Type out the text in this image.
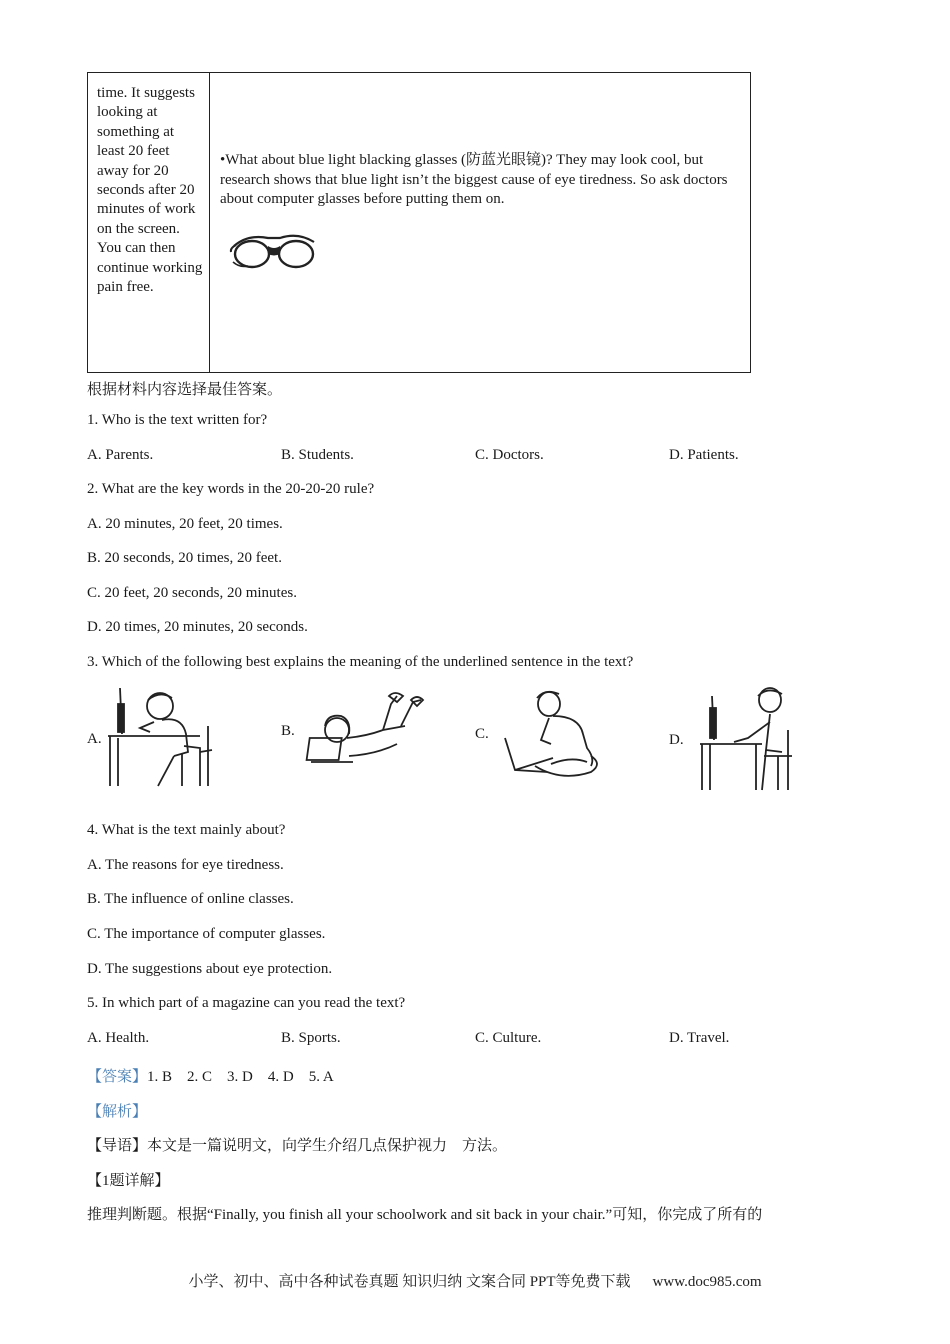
time. It suggests looking at something at least 20 feet away for 20 seconds after 20 minutes of work on the screen. You can then continue working pain free.
•What about blue light blacking glasses (防蓝光眼镜)? They may look cool, but research shows that blue light isn’t the biggest cause of eye tiredness. So ask doctors about computer glasses before putting them on.
根据材料内容选择最佳答案。
1. Who is the text written for?
A. Parents.	B. Students.	C. Doctors.	D. Patients.
2. What are the key words in the 20-20-20 rule?
A. 20 minutes, 20 feet, 20 times.
B. 20 seconds, 20 times, 20 feet.
C. 20 feet, 20 seconds, 20 minutes.
D. 20 times, 20 minutes, 20 seconds.
3. Which of the following best explains the meaning of the underlined sentence in the text?
A.	B.	C.	D.
4. What is the text mainly about?
A. The reasons for eye tiredness.
B. The influence of online classes.
C. The importance of computer glasses.
D. The suggestions about eye protection.
5. In which part of a magazine can you read the text?
A. Health.	B. Sports.	C. Culture.	D. Travel.
【答案】1. B    2. C    3. D    4. D    5. A
【解析】
【导语】本文是一篇说明文，向学生介绍几点保护视力　方法。
【1题详解】
推理判断题。根据“Finally, you finish all your schoolwork and sit back in your chair.”可知，你完成了所有的
小学、初中、高中各种试卷真题 知识归纳 文案合同 PPT等免费下载 www.doc985.com
